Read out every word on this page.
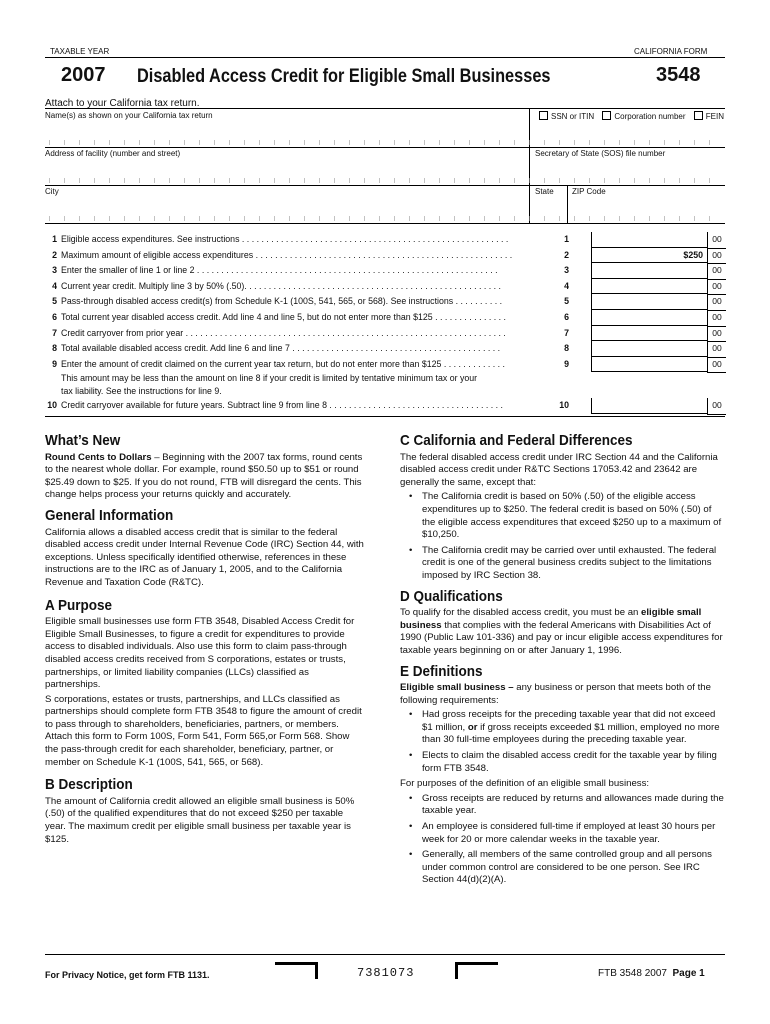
TAXABLE YEAR	CALIFORNIA FORM
2007 Disabled Access Credit for Eligible Small Businesses	3548
Attach to your California tax return.
Name(s) as shown on your California tax return	SSN or ITIN	Corporation number	FEIN
Address of facility (number and street)	Secretary of State (SOS) file number
City	State ZIP Code
1 Eligible access expenditures. See instructions . . . . . . . . . . . . . . . . . . . . . . . . . . . . . . . . . . . . . . . . . . . . . . . . . . . . . . .	1	00
2 Maximum amount of eligible access expenditures . . . . . . . . . . . . . . . . . . . . . . . . . . . . . . . . . . . . . . . . . . . . . . . . . . . . .	2	$250	00
3 Enter the smaller of line 1 or line 2 . . . . . . . . . . . . . . . . . . . . . . . . . . . . . . . . . . . . . . . . . . . . . . . . . . . . . . . . . . . . . .	3	00
4 Current year credit. Multiply line 3 by 50% (.50). . . . . . . . . . . . . . . . . . . . . . . . . . . . . . . . . . . . . . . . . . . . . . . . . . . . .	4	00
5 Pass-through disabled access credit(s) from Schedule K-1 (100S, 541, 565, or 568). See instructions . . . . . . . . . .	5	00
6 Total current year disabled access credit. Add line 4 and line 5, but do not enter more than $125 . . . . . . . . . . . . . . .	6	00
7 Credit carryover from prior year . . . . . . . . . . . . . . . . . . . . . . . . . . . . . . . . . . . . . . . . . . . . . . . . . . . . . . . . . . . . . . . . . .	7	00
8 Total available disabled access credit. Add line 6 and line 7 . . . . . . . . . . . . . . . . . . . . . . . . . . . . . . . . . . . . . . . . . . .	8	00
9 Enter the amount of credit claimed on the current year tax return, but do not enter more than $125 . . . . . . . . . . . . .	9	00
This amount may be less than the amount on line 8 if your credit is limited by tentative minimum tax or your
tax liability. See the instructions for line 9.
10 Credit carryover available for future years. Subtract line 9 from line 8 . . . . . . . . . . . . . . . . . . . . . . . . . . . . . . . . . . . .	10	00
What’s New

Round Cents to Dollars – Beginning with the 2007 tax forms, round cents to the nearest whole dollar. For example, round $50.50 up to $51 or round $25.49 down to $25. If you do not round, FTB will disregard the cents. This change helps process your returns quickly and accurately.

General Information

California allows a disabled access credit that is similar to the federal disabled access credit under Internal Revenue Code (IRC) Section 44, with exceptions. Unless specifically identified otherwise, references in these instructions are to the IRC as of January 1, 2005, and to the California Revenue and Taxation Code (R&TC).

A Purpose

Eligible small businesses use form FTB 3548, Disabled Access Credit for Eligible Small Businesses, to figure a credit for expenditures to provide access to disabled individuals. Also use this form to claim pass-through disabled access credits received from S corporations, estates or trusts, partnerships, or limited liability companies (LLCs) classified as partnerships.

S corporations, estates or trusts, partnerships, and LLCs classified as partnerships should complete form FTB 3548 to figure the amount of credit to pass through to shareholders, beneficiaries, partners, or members. Attach this form to Form 100S, Form 541, Form 565,or Form 568. Show the pass-through credit for each shareholder, beneficiary, partner, or member on Schedule K-1 (100S, 541, 565, or 568).

B Description

The amount of California credit allowed an eligible small business is 50% (.50) of the qualified expenditures that do not exceed $250 per taxable year. The maximum credit per eligible small business per taxable year is $125.

C California and Federal Differences

The federal disabled access credit under IRC Section 44 and the California disabled access credit under R&TC Sections 17053.42 and 23642 are generally the same, except that:

• The California credit is based on 50% (.50) of the eligible access expenditures up to $250. The federal credit is based on 50% (.50) of the eligible access expenditures that exceed $250 up to a maximum of $10,250.
• The California credit may be carried over until exhausted. The federal credit is one of the general business credits subject to the limitations imposed by IRC Section 38.
D Qualifications

To qualify for the disabled access credit, you must be an eligible small business that complies with the federal Americans with Disabilities Act of 1990 (Public Law 101-336) and pay or incur eligible access expenditures for taxable years beginning on or after January 1, 1996.

E Definitions

Eligible small business – any business or person that meets both of the following requirements:

• Had gross receipts for the preceding taxable year that did not exceed $1 million, or if gross receipts exceeded $1 million, employed no more than 30 full-time employees during the preceding taxable year.
• Elects to claim the disabled access credit for the taxable year by filing form FTB 3548.

For purposes of the definition of an eligible small business:

• Gross receipts are reduced by returns and allowances made during the taxable year.
• An employee is considered full-time if employed at least 30 hours per week for 20 or more calendar weeks in the taxable year.
• Generally, all members of the same controlled group and all persons under common control are considered to be one person. See IRC Section 44(d)(2)(A).
For Privacy Notice, get form FTB 1131.	7381073	FTB 3548 2007 Page 1
